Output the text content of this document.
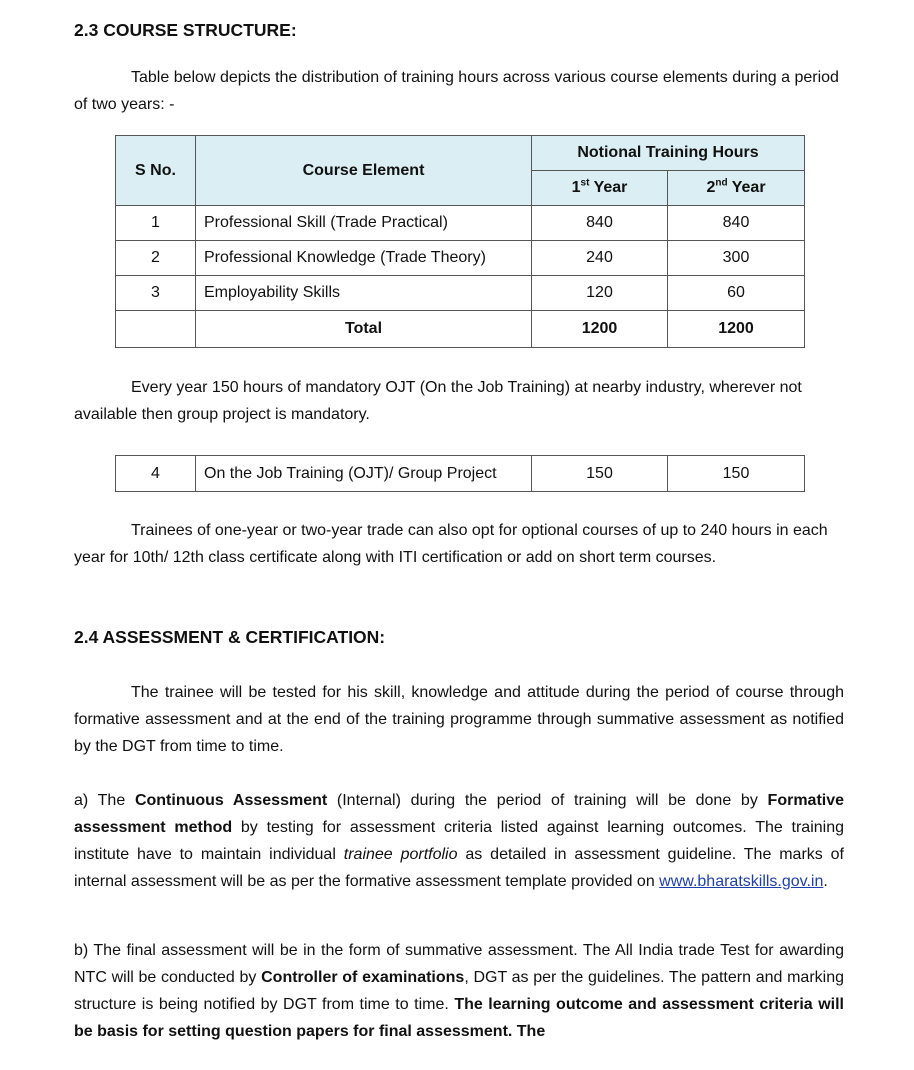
2.3 COURSE STRUCTURE:

Table below depicts the distribution of training hours across various course elements during a period of two years: -

S No.	Course Element	Notional Training Hours	
		1st Year	2nd Year
1	Professional Skill (Trade Practical)	840	840
2	Professional Knowledge (Trade Theory)	240	300
3	Employability Skills	120	60
	Total	1200	1200

Every year 150 hours of mandatory OJT (On the Job Training) at nearby industry, wherever not available then group project is mandatory.

4	On the Job Training (OJT)/ Group Project	150	150

Trainees of one-year or two-year trade can also opt for optional courses of up to 240 hours in each year for 10th/ 12th class certificate along with ITI certification or add on short term courses.

2.4 ASSESSMENT & CERTIFICATION:

The trainee will be tested for his skill, knowledge and attitude during the period of course through formative assessment and at the end of the training programme through summative assessment as notified by the DGT from time to time.

a) The Continuous Assessment (Internal) during the period of training will be done by Formative assessment method by testing for assessment criteria listed against learning outcomes. The training institute have to maintain individual trainee portfolio as detailed in assessment guideline. The marks of internal assessment will be as per the formative assessment template provided on www.bharatskills.gov.in.

b) The final assessment will be in the form of summative assessment. The All India trade Test for awarding NTC will be conducted by Controller of examinations, DGT as per the guidelines. The pattern and marking structure is being notified by DGT from time to time. The learning outcome and assessment criteria will be basis for setting question papers for final assessment. The
